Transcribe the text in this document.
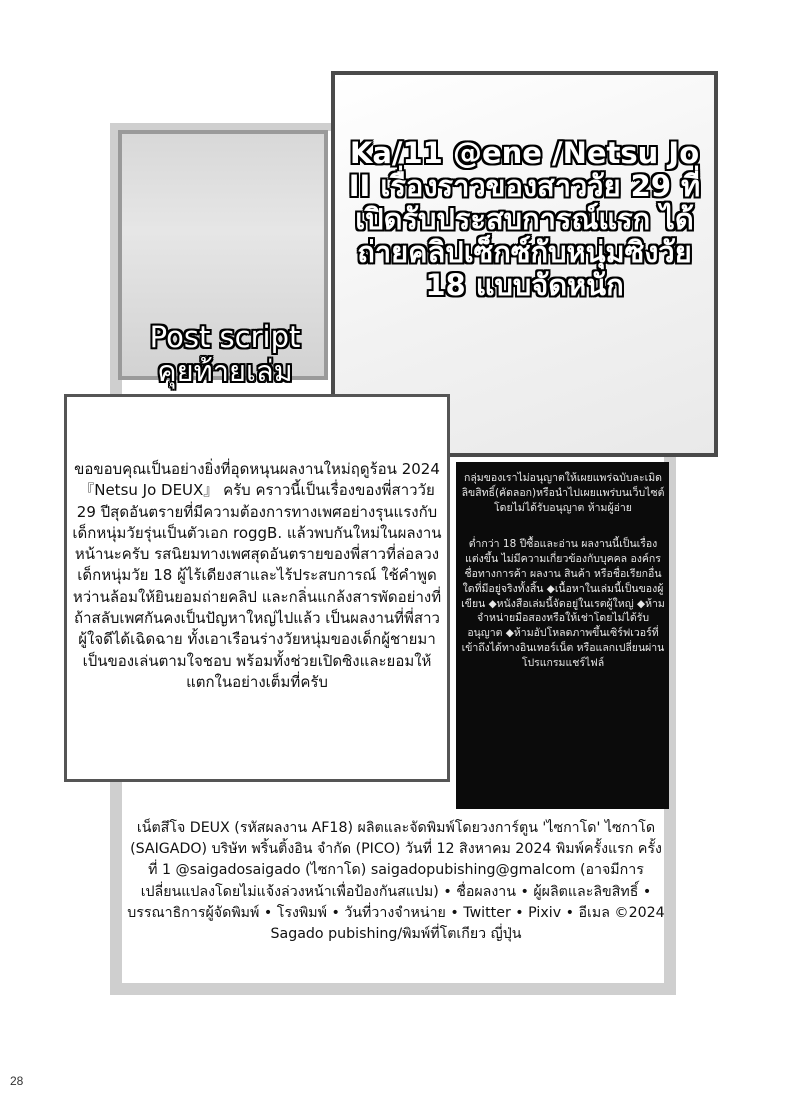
Post script
คุยท้ายเล่ม
Ka/11 @ene /Netsu Jo II เรื่องราวของสาววัย 29 ที่เปิดรับประสบการณ์แรก ได้ถ่ายคลิปเซ็กซ์กับหนุ่มซิงวัย 18 แบบจัดหนัก
ขอขอบคุณเป็นอย่างยิ่งที่อุดหนุนผลงานใหม่ฤดูร้อน 2024 『Netsu Jo DEUX』 ครับ คราวนี้เป็นเรื่องของพี่สาววัย 29 ปีสุดอันตรายที่มีความต้องการทางเพศอย่างรุนแรงกับเด็กหนุ่มวัยรุ่นเป็นตัวเอก roggB. แล้วพบกันใหม่ในผลงานหน้านะครับ รสนิยมทางเพศสุดอันตรายของพี่สาวที่ล่อลวงเด็กหนุ่มวัย 18 ผู้ไร้เดียงสาและไร้ประสบการณ์ ใช้คำพูดหว่านล้อมให้ยินยอมถ่ายคลิป และกลิ่นแกล้งสารพัดอย่างที่ถ้าสลับเพศกันคงเป็นปัญหาใหญ่ไปแล้ว เป็นผลงานที่พี่สาวผู้ใจดีได้เฉิดฉาย ทั้งเอาเรือนร่างวัยหนุ่มของเด็กผู้ชายมาเป็นของเล่นตามใจชอบ พร้อมทั้งช่วยเปิดซิงและยอมให้แตกในอย่างเต็มที่ครับ

กลุ่มของเราไม่อนุญาตให้เผยแพร่ฉบับละเมิดลิขสิทธิ์(คัดลอก)หรือนำไปเผยแพร่บนเว็บไซต์โดยไม่ได้รับอนุญาต ห้ามผู้อ่าย

ต่ำกว่า 18 ปีซื้อและอ่าน ผลงานนี้เป็นเรื่องแต่งขึ้น ไม่มีความเกี่ยวข้องกับบุคคล องค์กร ชื่อทางการค้า ผลงาน สินค้า หรือชื่อเรียกอื่นใดที่มีอยู่จริงทั้งสิ้น ◆เนื้อหาในเล่มนี้เป็นของผู้เขียน ◆หนังสือเล่มนี้จัดอยู่ในเรตผู้ใหญ่ ◆ห้ามจำหน่ายมือสองหรือให้เช่าโดยไม่ได้รับอนุญาต ◆ห้ามอัปโหลดภาพขึ้นเซิร์ฟเวอร์ที่เข้าถึงได้ทางอินเทอร์เน็ต หรือแลกเปลี่ยนผ่านโปรแกรมแชร์ไฟล์

เน็ตสึโจ DEUX (รหัสผลงาน AF18) ผลิตและจัดพิมพ์โดยวงการ์ตูน 'ไซกาโด' ไซกาโด (SAIGADO) บริษัท พริ้นติ้งอิน จำกัด (PICO) วันที่ 12 สิงหาคม 2024 พิมพ์ครั้งแรก ครั้งที่ 1 @saigadosaigado (ไซกาโด) saigadopubishing@gmalcom (อาจมีการเปลี่ยนแปลงโดยไม่แจ้งล่วงหน้าเพื่อป้องกันสแปม) • ชื่อผลงาน • ผู้ผลิตและลิขสิทธิ์ • บรรณาธิการผู้จัดพิมพ์ • โรงพิมพ์ • วันที่วางจำหน่าย • Twitter • Pixiv • อีเมล ©2024 Sagado pubishing/พิมพ์ที่โตเกียว ญี่ปุ่น
28
